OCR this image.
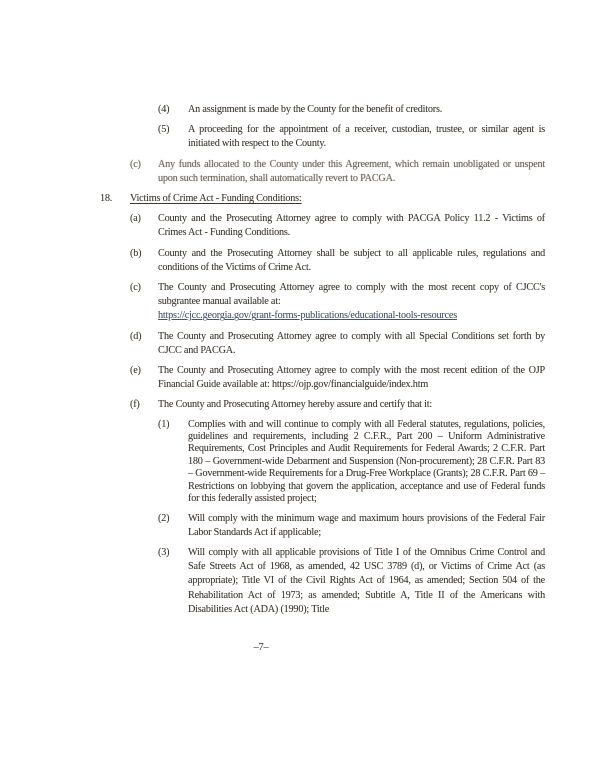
(4)	An assignment is made by the County for the benefit of creditors.
(5)	A proceeding for the appointment of a receiver, custodian, trustee, or similar agent is initiated with respect to the County.
(c)	Any funds allocated to the County under this Agreement, which remain unobligated or unspent upon such termination, shall automatically revert to PACGA.
18.	Victims of Crime Act - Funding Conditions:
(a)	County and the Prosecuting Attorney agree to comply with PACGA Policy 11.2 - Victims of Crimes Act - Funding Conditions.
(b)	County and the Prosecuting Attorney shall be subject to all applicable rules, regulations and conditions of the Victims of Crime Act.
(c)	The County and Prosecuting Attorney agree to comply with the most recent copy of CJCC's subgrantee manual available at:
https://cjcc.georgia.gov/grant-forms-publications/educational-tools-resources
(d)	The County and Prosecuting Attorney agree to comply with all Special Conditions set forth by CJCC and PACGA.
(e)	The County and Prosecuting Attorney agree to comply with the most recent edition of the OJP Financial Guide available at: https://ojp.gov/financialguide/index.htm
(f)	The County and Prosecuting Attorney hereby assure and certify that it:
(1)	Complies with and will continue to comply with all Federal statutes, regulations, policies, guidelines and requirements, including 2 C.F.R., Part 200 – Uniform Administrative Requirements, Cost Principles and Audit Requirements for Federal Awards; 2 C.F.R. Part 180 – Government-wide Debarment and Suspension (Non-procurement); 28 C.F.R. Part 83 – Government-wide Requirements for a Drug-Free Workplace (Grants); 28 C.F.R. Part 69 – Restrictions on lobbying that govern the application, acceptance and use of Federal funds for this federally assisted project;
(2)	Will comply with the minimum wage and maximum hours provisions of the Federal Fair Labor Standards Act if applicable;
(3)	Will comply with all applicable provisions of Title I of the Omnibus Crime Control and Safe Streets Act of 1968, as amended, 42 USC 3789 (d), or Victims of Crime Act (as appropriate); Title VI of the Civil Rights Act of 1964, as amended; Section 504 of the Rehabilitation Act of 1973; as amended; Subtitle A, Title II of the Americans with Disabilities Act (ADA) (1990); Title
–7–
